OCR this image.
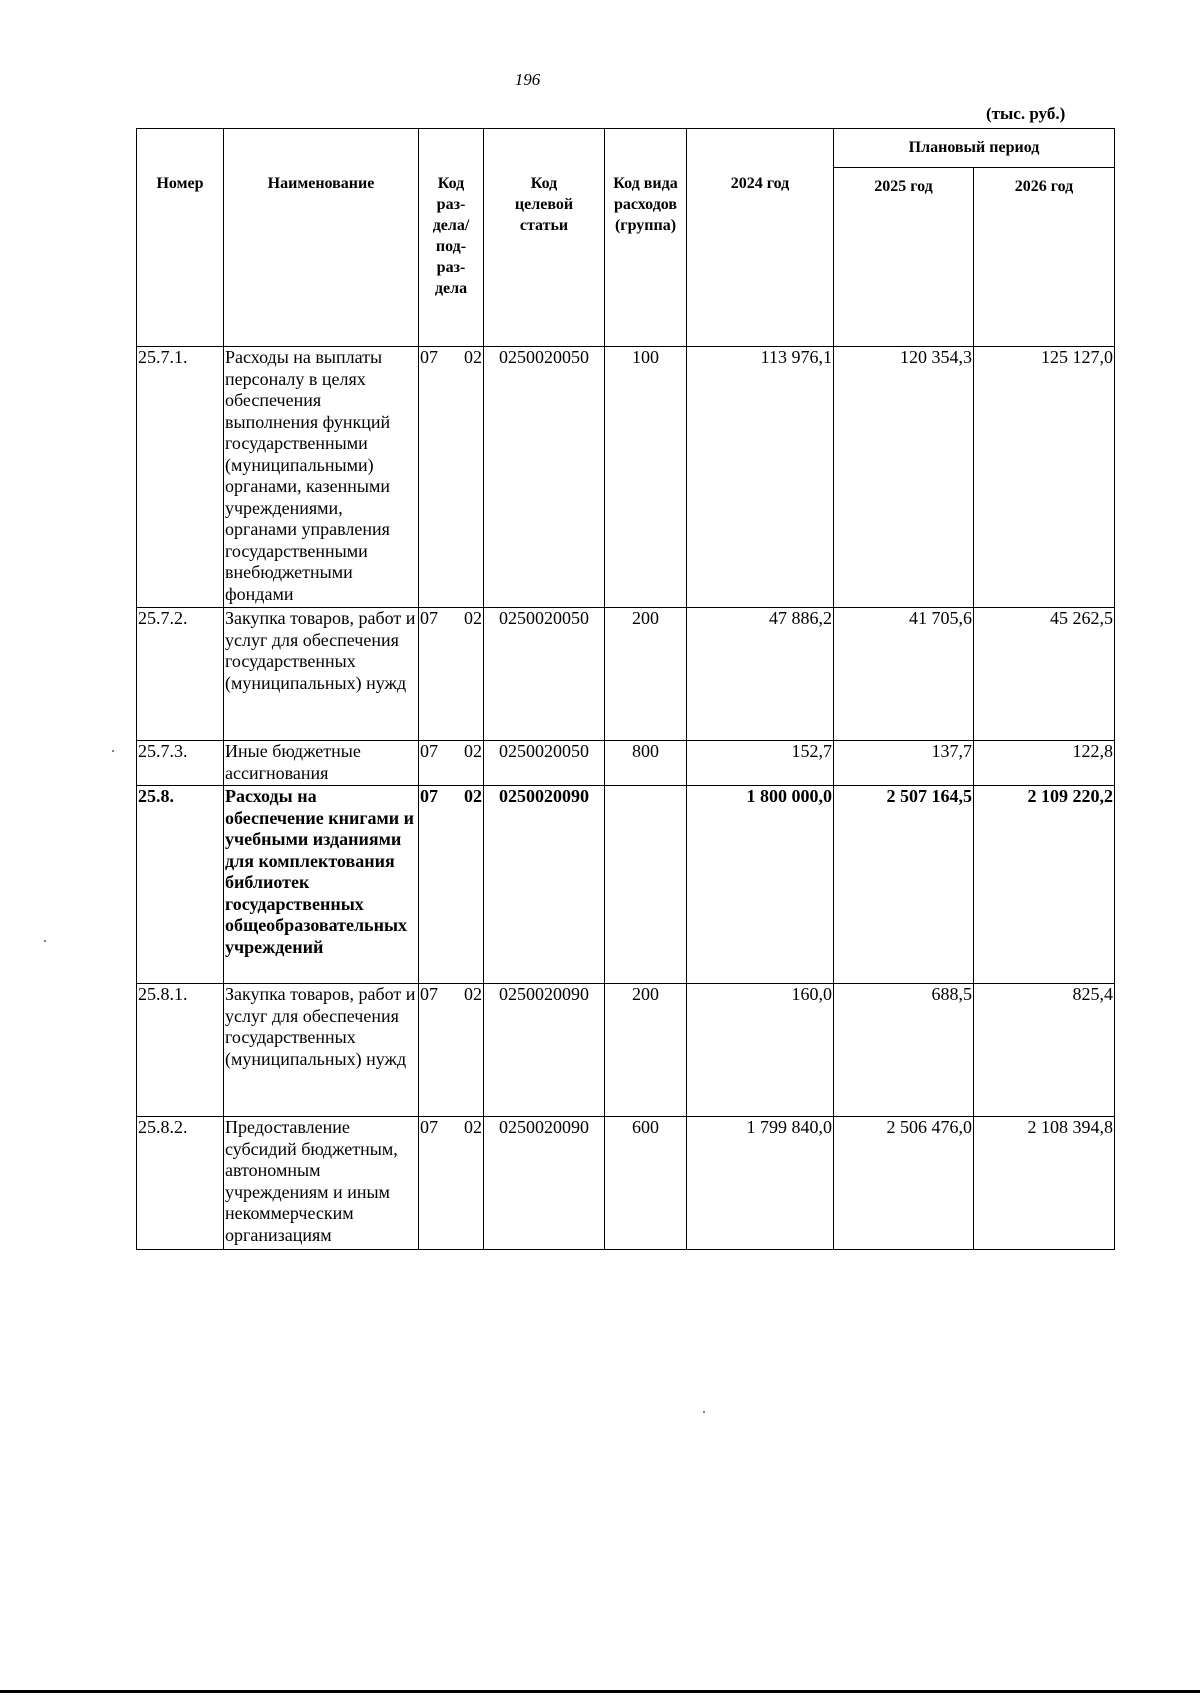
196
(тыс. руб.)
Номер	Наименование	Код раз-дела/ под-раз-дела	Код целевой статьи	Код вида расходов (группа)	2024 год	Плановый период	
						2025 год	2026 год
25.7.1.	Расходы на выплаты персоналу в целях обеспечения выполнения функций государственными (муниципальными) органами, казенными учреждениями, органами управления государственными внебюджетными фондами	07 02	0250020050	100	113 976,1	120 354,3	125 127,0
25.7.2.	Закупка товаров, работ и услуг для обеспечения государственных (муниципальных) нужд	07 02	0250020050	200	47 886,2	41 705,6	45 262,5
25.7.3.	Иные бюджетные ассигнования	07 02	0250020050	800	152,7	137,7	122,8
25.8.	Расходы на обеспечение книгами и учебными изданиями для комплектования библиотек государственных общеобразовательных учреждений	07 02	0250020090		1 800 000,0	2 507 164,5	2 109 220,2
25.8.1.	Закупка товаров, работ и услуг для обеспечения государственных (муниципальных) нужд	07 02	0250020090	200	160,0	688,5	825,4
25.8.2.	Предоставление субсидий бюджетным, автономным учреждениям и иным некоммерческим организациям	07 02	0250020090	600	1 799 840,0	2 506 476,0	2 108 394,8
